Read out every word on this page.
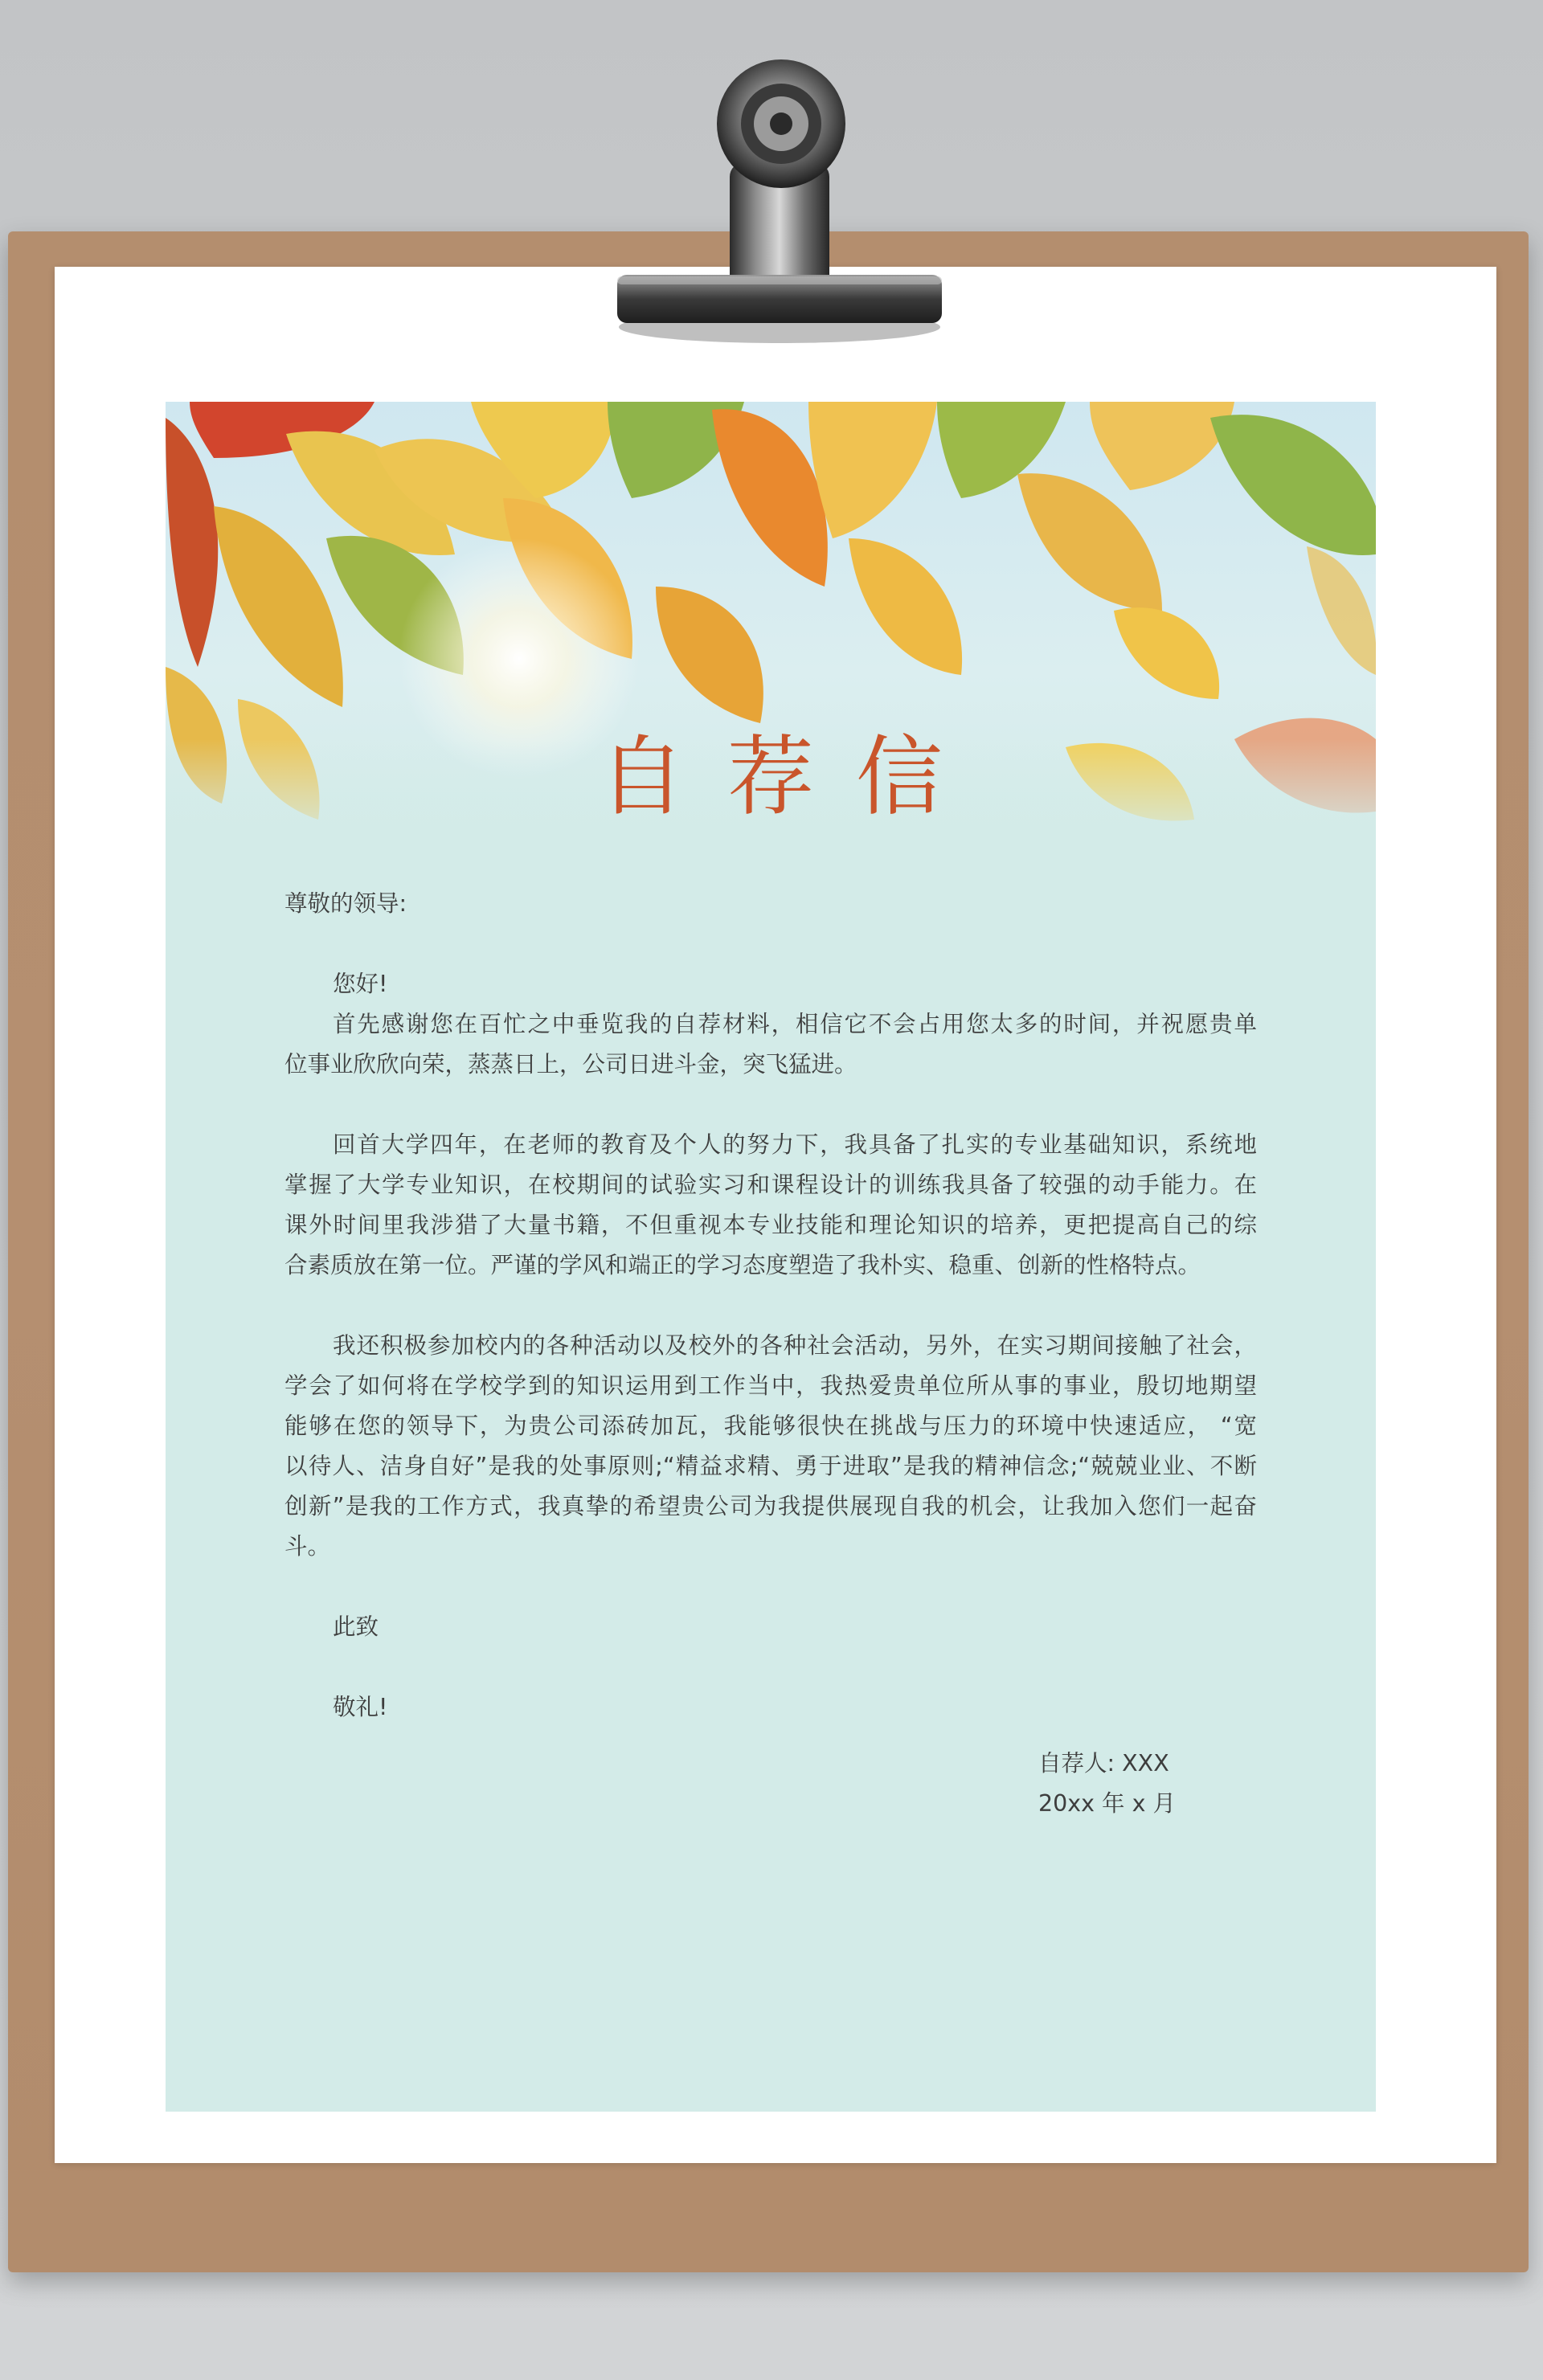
自荐信
尊敬的领导:
您好!
首先感谢您在百忙之中垂览我的自荐材料，相信它不会占用您太多的时间，并祝愿贵单
位事业欣欣向荣，蒸蒸日上，公司日进斗金，突飞猛进。
回首大学四年，在老师的教育及个人的努力下，我具备了扎实的专业基础知识，系统地
掌握了大学专业知识，在校期间的试验实习和课程设计的训练我具备了较强的动手能力。在
课外时间里我涉猎了大量书籍，不但重视本专业技能和理论知识的培养，更把提高自己的综
合素质放在第一位。严谨的学风和端正的学习态度塑造了我朴实、稳重、创新的性格特点。
我还积极参加校内的各种活动以及校外的各种社会活动，另外，在实习期间接触了社会，
学会了如何将在学校学到的知识运用到工作当中，我热爱贵单位所从事的事业，殷切地期望
能够在您的领导下，为贵公司添砖加瓦，我能够很快在挑战与压力的环境中快速适应， “宽
以待人、洁身自好”是我的处事原则;“精益求精、勇于进取”是我的精神信念;“兢兢业业、不断
创新”是我的工作方式，我真挚的希望贵公司为我提供展现自我的机会，让我加入您们一起奋
斗。
此致
敬礼!
自荐人: XXX
20xx 年 x 月
